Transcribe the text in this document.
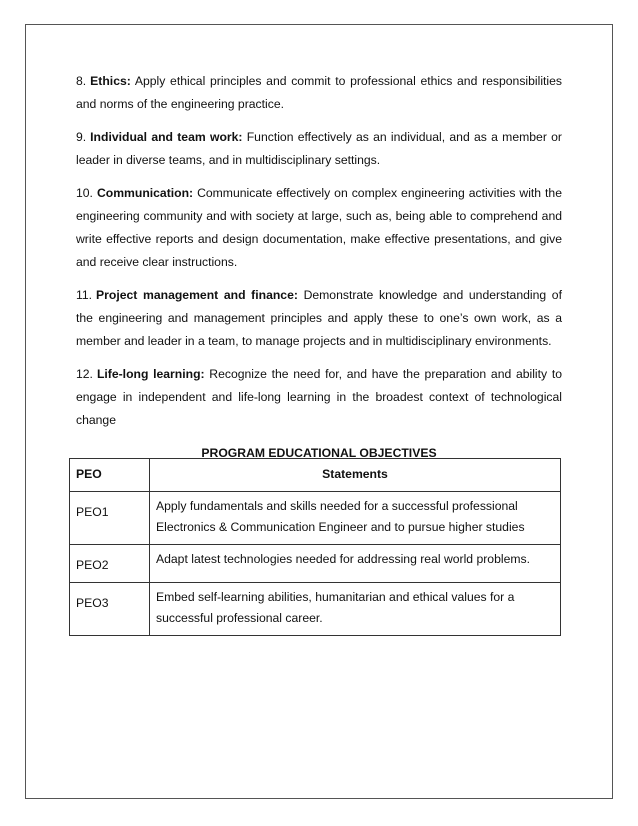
8. Ethics: Apply ethical principles and commit to professional ethics and responsibilities and norms of the engineering practice.

9. Individual and team work: Function effectively as an individual, and as a member or leader in diverse teams, and in multidisciplinary settings.

10. Communication: Communicate effectively on complex engineering activities with the engineering community and with society at large, such as, being able to comprehend and write effective reports and design documentation, make effective presentations, and give and receive clear instructions.

11. Project management and finance: Demonstrate knowledge and understanding of the engineering and management principles and apply these to one’s own work, as a member and leader in a team, to manage projects and in multidisciplinary environments.

12. Life-long learning: Recognize the need for, and have the preparation and ability to engage in independent and life-long learning in the broadest context of technological change

PROGRAM EDUCATIONAL OBJECTIVES
PEO	Statements
PEO1	Apply fundamentals and skills needed for a successful professional Electronics & Communication Engineer and to pursue higher studies
PEO2	Adapt latest technologies needed for addressing real world problems.
PEO3	Embed self-learning abilities, humanitarian and ethical values for a successful professional career.
